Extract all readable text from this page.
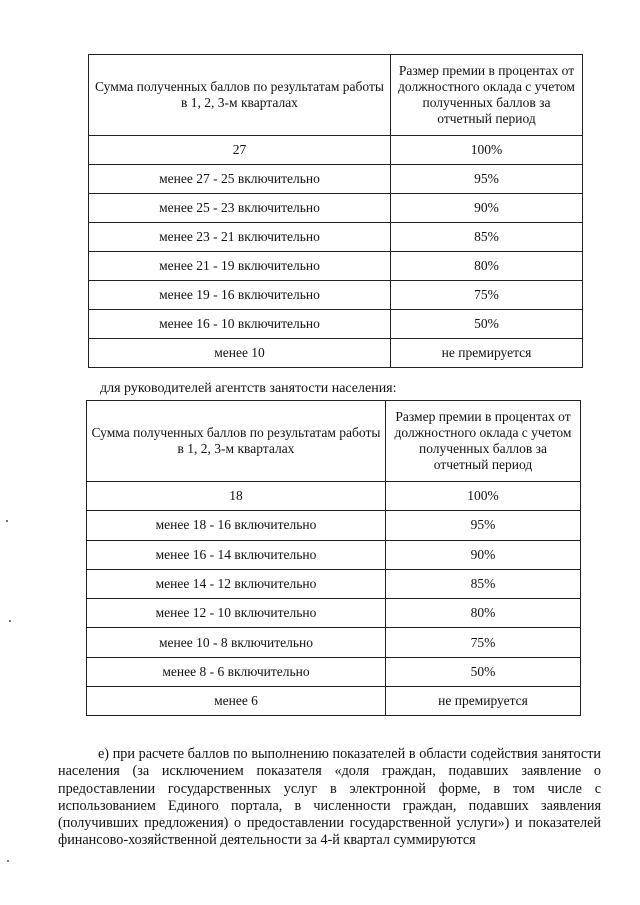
Сумма полученных баллов по результатам работы в 1, 2, 3-м кварталах	Размер премии в процентах от должностного оклада с учетом полученных баллов за отчетный период
27	100%
менее 27 - 25 включительно	95%
менее 25 - 23 включительно	90%
менее 23 - 21 включительно	85%
менее 21 - 19 включительно	80%
менее 19 - 16 включительно	75%
менее 16 - 10 включительно	50%
менее 10	не премируется
для руководителей агентств занятости населения:
Сумма полученных баллов по результатам работы в 1, 2, 3-м кварталах	Размер премии в процентах от должностного оклада с учетом полученных баллов за отчетный период
18	100%
менее 18 - 16 включительно	95%
менее 16 - 14 включительно	90%
менее 14 - 12 включительно	85%
менее 12 - 10 включительно	80%
менее 10 - 8 включительно	75%
менее 8 - 6 включительно	50%
менее 6	не премируется

е) при расчете баллов по выполнению показателей в области содействия занятости населения (за исключением показателя «доля граждан, подавших заявление о предоставлении государственных услуг в электронной форме, в том числе с использованием Единого портала, в численности граждан, подавших заявления (получивших предложения) о предоставлении государственной услуги») и показателей финансово-хозяйственной деятельности за 4-й квартал суммируются
